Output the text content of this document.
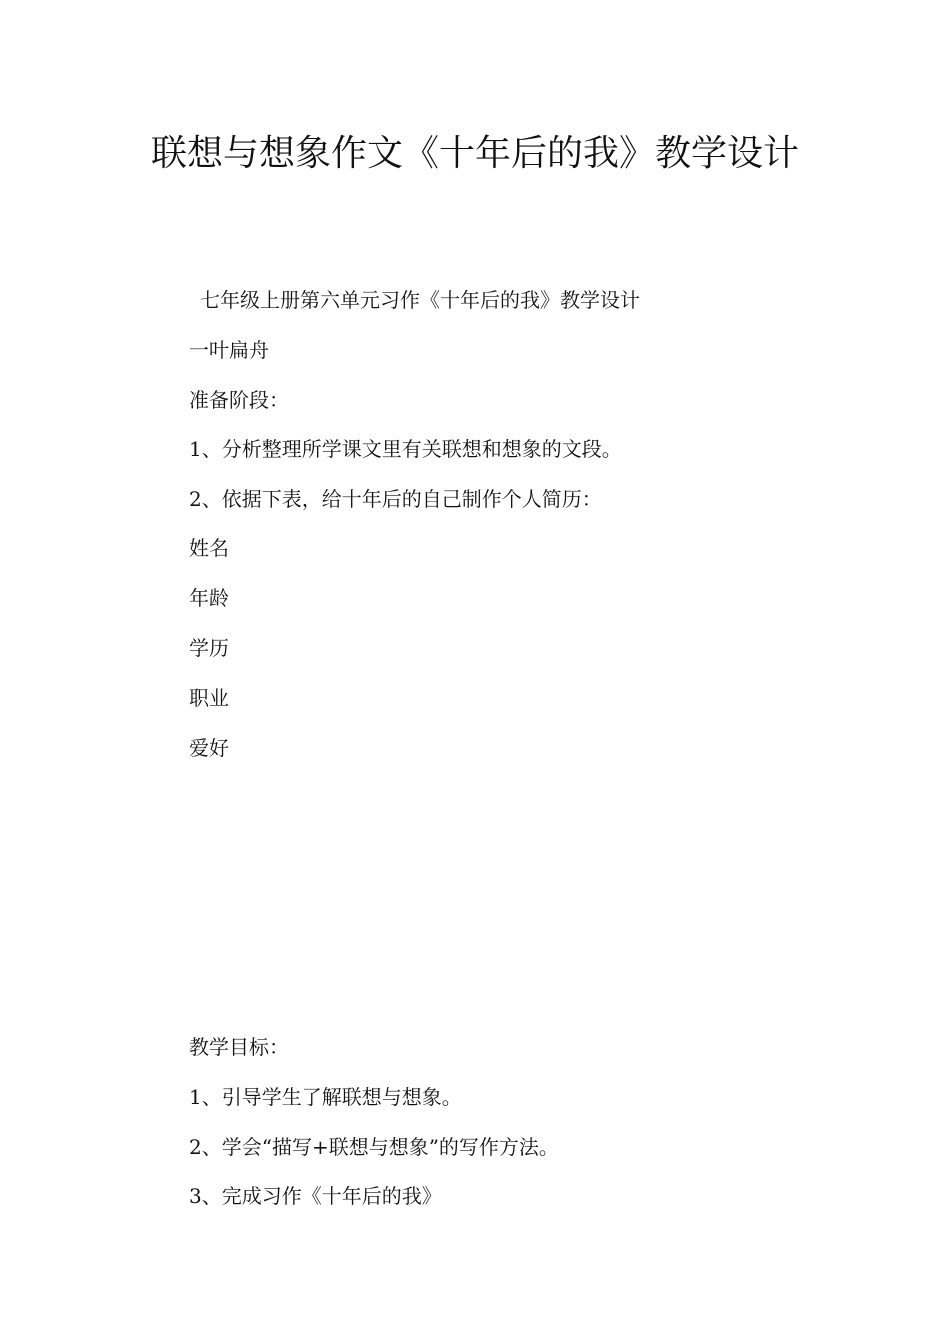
联想与想象作文《十年后的我》教学设计

七年级上册第六单元习作《十年后的我》教学设计

一叶扁舟

准备阶段：

1、分析整理所学课文里有关联想和想象的文段。

2、依据下表，给十年后的自己制作个人简历：

姓名

年龄

学历

职业

爱好

教学目标：

1、引导学生了解联想与想象。

2、学会“描写+联想与想象”的写作方法。

3、完成习作《十年后的我》
